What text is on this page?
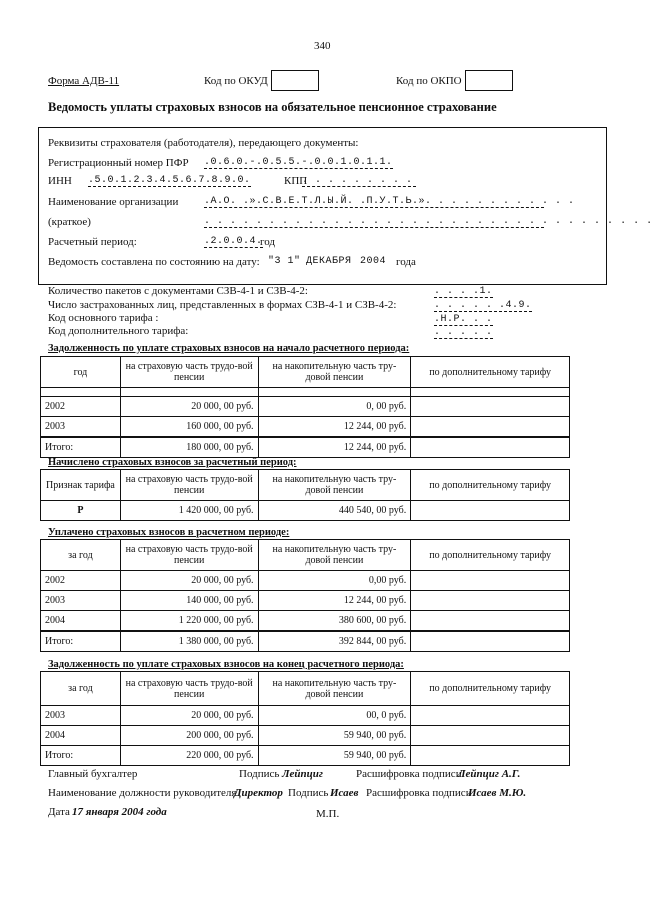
340
Форма АДВ-11	Код по ОКУД	Код по ОКПО
Ведомость уплаты страховых взносов на обязательное пенсионное страхование
Реквизиты страхователя (работодателя), передающего документы:
Регистрационный номер ПФР .0.6.0.-.0.5.5.-.0.0.1.0.1.1.
ИНН .5.0.1.2.3.4.5.6.7.8.9.0.	КПП
. . . . . . . . .
Наименование организации	.А.О. .».С.В.Е.Т.Л.Ы.Й. .П.У.Т.Ь.». . . . . . . . . . . .
(краткое)	. . . . . . . . . . . . . . . . . . . . . . . . . . . . . . . . . . .
Расчетный период:	.2.0.0.4.
год
Ведомость составлена по состоянию на дату: "3 1" ДЕКАБРЯ 2004 года
Количество пакетов с документами СЗВ-4-1 и СЗВ-4-2:	. . . .1.
Число застрахованных лиц, представленных в формах СЗВ-4-1 и СЗВ-4-2:	. . . . . .4.9.
Код основного тарифа :	.Н.Р. . .
Код дополнительного тарифа:	. . . . .
Задолженность по уплате страховых взносов на начало расчетного периода:
год	на страховую часть трудо-вой пенсии	на накопительную часть тру-довой пенсии	по дополнительному тарифу

2002	20 000, 00 руб.	0, 00 руб.	
2003	160 000, 00 руб.	12 244, 00 руб.	
Итого:	180 000, 00 руб.	12 244, 00 руб.	
Начислено страховых взносов за расчетный период:
Признак тарифа	на страховую часть трудо-вой пенсии	на накопительную часть тру-довой пенсии	по дополнительному тарифу
Р	1 420 000, 00 руб.	440 540, 00 руб.	
Уплачено страховых взносов в расчетном периоде:
за год	на страховую часть трудо-вой пенсии	на накопительную часть тру-довой пенсии	по дополнительному тарифу
2002	20 000, 00 руб.	0,00 руб.	
2003	140 000, 00 руб.	12 244, 00 руб.	
2004	1 220 000, 00 руб.	380 600, 00 руб.	
Итого:	1 380 000, 00 руб.	392 844, 00 руб.	
Задолженность по уплате страховых взносов на конец расчетного периода:
за год	на страховую часть трудо-вой пенсии	на накопительную часть тру-довой пенсии	по дополнительному тарифу
2003	20 000, 00 руб.	00, 0 руб.	
2004	200 000, 00 руб.	59 940, 00 руб.	
Итого:	220 000, 00 руб.	59 940, 00 руб.	
Главный бухгалтер	Подпись Лейпциг	Расшифровка подписи
Лейпциг А.Г.
Наименование должности руководителя
Директор Подпись Исаев Расшифровка подписи
Исаев М.Ю.
Дата 17 января 2004 года	М.П.
